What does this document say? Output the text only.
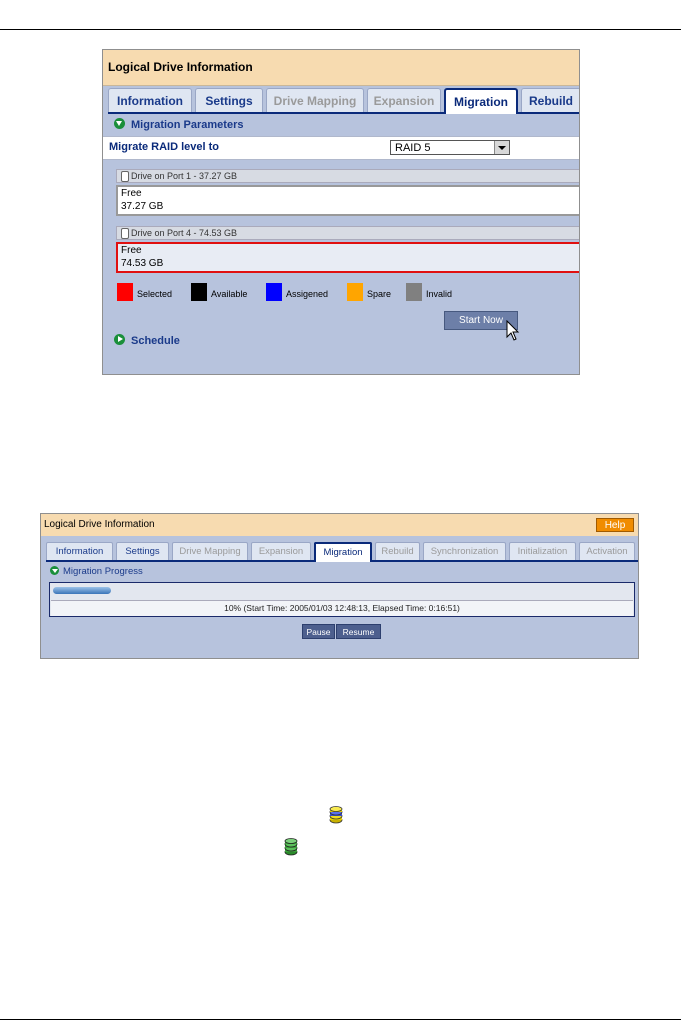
Logical Drive Information
Information	Settings	Drive Mapping	Expansion	Migration	Rebuild
Migration Parameters
Migrate RAID level to	RAID 5
Drive on Port 1 - 37.27 GB
Free
37.27 GB
Drive on Port 4 - 74.53 GB
Free
74.53 GB
Selected	Available	Assigened	Spare	Invalid
Start Now
Schedule
Logical Drive Information	Help
Information	Settings	Drive Mapping	Expansion	Migration	Rebuild	Synchronization	Initialization	Activation
Migration Progress
10% (Start Time: 2005/01/03 12:48:13, Elapsed Time: 0:16:51)
Pause	Resume
